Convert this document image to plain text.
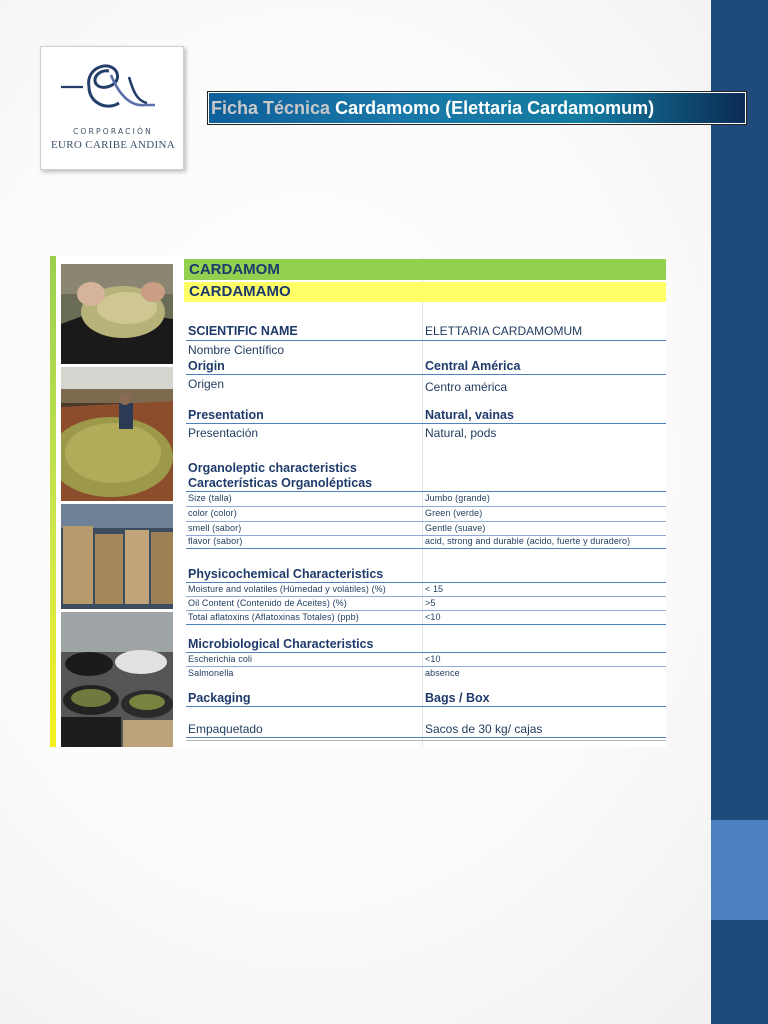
CORPORACIÓN
EURO CARIBE ANDINA
Ficha Técnica Cardamomo (Elettaria Cardamomum)
CARDAMOM
CARDAMAMO
SCIENTIFIC NAME	ELETTARIA CARDAMOMUM
Nombre Científico
Origin	Central América
Origen	Centro américa
Presentation	Natural, vainas
Presentación	Natural, pods
Organoleptic characteristics
Características Organolépticas
Size (talla)	Jumbo (grande)
color (color)	Green (verde)
smell (sabor)	Gentle (suave)
flavor (sabor)	acid, strong and durable (acido, fuerte y duradero)
Physicochemical Characteristics
Moisture and volatiles (Húmedad y volátiles) (%)	< 15
Oil Content (Contenido de Aceites) (%)	>5
Total aflatoxins (Aflatoxinas Totales) (ppb)	<10
Microbiological Characteristics
Escherichia coli	<10
Salmonella	absence
Packaging	Bags / Box
Empaquetado	Sacos de 30 kg/ cajas
